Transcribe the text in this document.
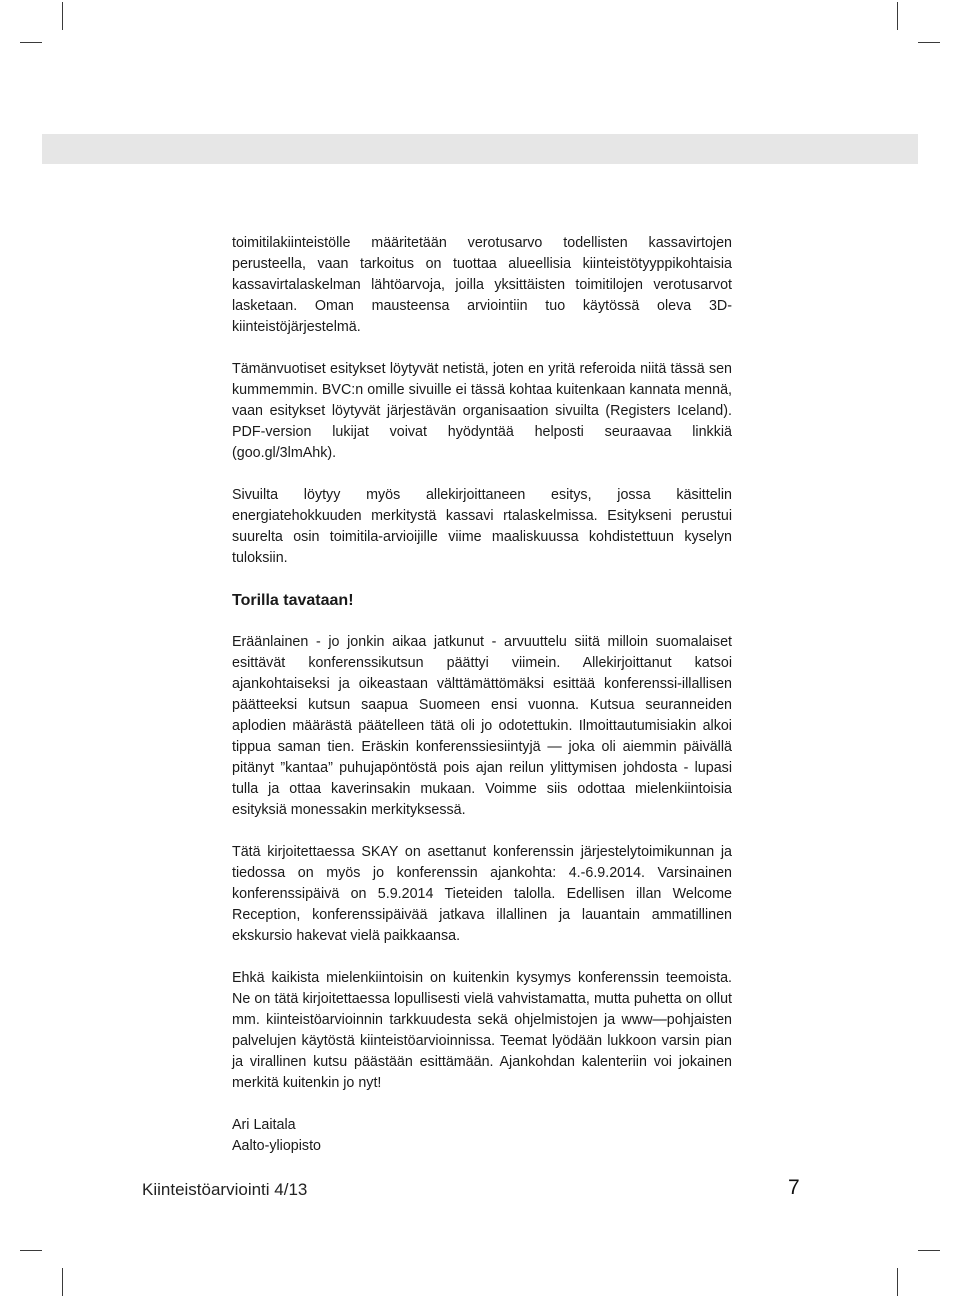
toimitilakiinteistölle määritetään verotusarvo todellisten kassavirtojen perusteella, vaan tarkoitus on tuottaa alueellisia kiinteistötyyppikohtaisia kassavirtalaskelman lähtöarvoja, joilla yksittäisten toimitilojen verotusarvot lasketaan. Oman mausteensa arviointiin tuo käytössä oleva 3D-kiinteistöjärjestelmä.

Tämänvuotiset esitykset löytyvät netistä, joten en yritä referoida niitä tässä sen kummemmin. BVC:n omille sivuille ei tässä kohtaa kuitenkaan kannata mennä, vaan esitykset löytyvät järjestävän organisaation sivuilta (Registers Iceland). PDF-version lukijat voivat hyödyntää helposti seuraavaa linkkiä (goo.gl/3lmAhk).

Sivuilta löytyy myös allekirjoittaneen esitys, jossa käsittelin energiatehokkuuden merkitystä kassavi rtalaskelmissa. Esitykseni perustui suurelta osin toimitila-arvioijille viime maaliskuussa kohdistettuun kyselyn tuloksiin.

Torilla tavataan!

Eräänlainen - jo jonkin aikaa jatkunut - arvuuttelu siitä milloin suomalaiset esittävät konferenssikutsun päättyi viimein. Allekirjoittanut katsoi ajankohtaiseksi ja oikeastaan välttämättömäksi esittää konferenssi-illallisen päätteeksi kutsun saapua Suomeen ensi vuonna. Kutsua seuranneiden aplodien määrästä päätelleen tätä oli jo odotettukin. Ilmoittautumisiakin alkoi tippua saman tien. Eräskin konferenssiesiintyjä — joka oli aiemmin päivällä pitänyt ”kantaa” puhujapöntöstä pois ajan reilun ylittymisen johdosta - lupasi tulla ja ottaa kaverinsakin mukaan. Voimme siis odottaa mielenkiintoisia esityksiä monessakin merkityksessä.

Tätä kirjoitettaessa SKAY on asettanut konferenssin järjestelytoimikunnan ja tiedossa on myös jo konferenssin ajankohta: 4.-6.9.2014. Varsinainen konferenssipäivä on 5.9.2014 Tieteiden talolla. Edellisen illan Welcome Reception, konferenssipäivää jatkava illallinen ja lauantain ammatillinen ekskursio hakevat vielä paikkaansa.

Ehkä kaikista mielenkiintoisin on kuitenkin kysymys konferenssin teemoista. Ne on tätä kirjoitettaessa lopullisesti vielä vahvistamatta, mutta puhetta on ollut mm. kiinteistöarvioinnin tarkkuudesta sekä ohjelmistojen ja www—pohjaisten palvelujen käytöstä kiinteistöarvioinnissa. Teemat lyödään lukkoon varsin pian ja virallinen kutsu päästään esittämään. Ajankohdan kalenteriin voi jokainen merkitä kuitenkin jo nyt!

Ari Laitala

Aalto-yliopisto

Kiinteistöarviointi 4/13	7
